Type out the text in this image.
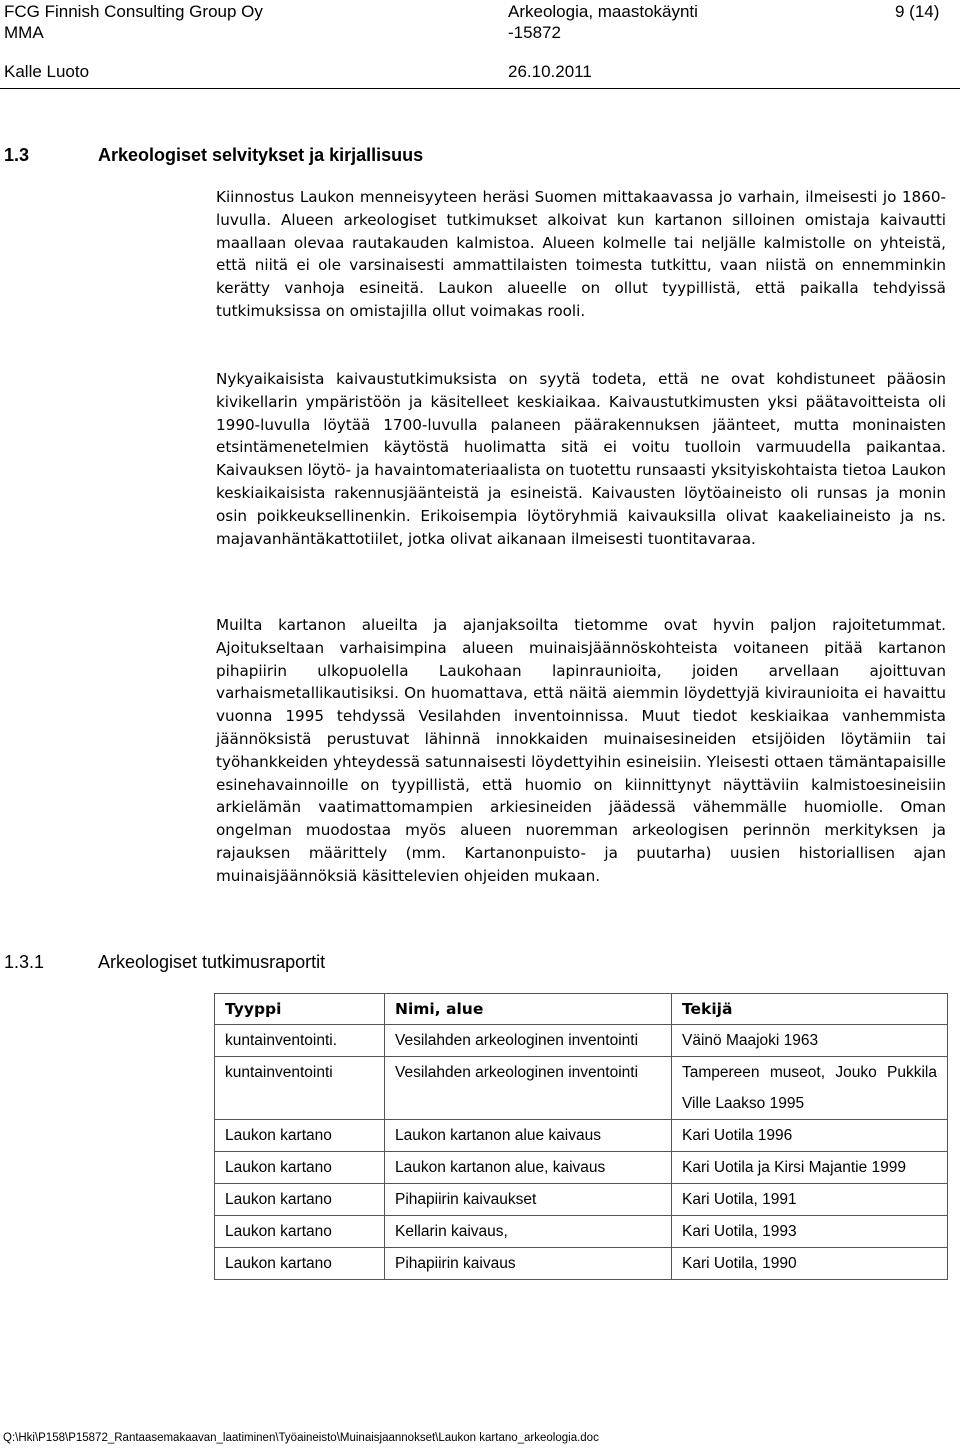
FCG Finnish Consulting Group Oy
MMA
Arkeologia, maastokäynti
-15872
9 (14)
Kalle Luoto	26.10.2011
1.3	Arkeologiset selvitykset ja kirjallisuus

Kiinnostus Laukon menneisyyteen heräsi Suomen mittakaavassa jo varhain, ilmeisesti jo 1860-luvulla. Alueen arkeologiset tutkimukset alkoivat kun kartanon silloinen omistaja kaivautti maallaan olevaa rautakauden kalmistoa. Alueen kolmelle tai neljälle kalmistolle on yhteistä, että niitä ei ole varsinaisesti ammattilaisten toimesta tutkittu, vaan niistä on ennemminkin kerätty vanhoja esineitä. Laukon alueelle on ollut tyypillistä, että paikalla tehdyissä tutkimuksissa on omistajilla ollut voimakas rooli.

Nykyaikaisista kaivaustutkimuksista on syytä todeta, että ne ovat kohdistuneet pääosin kivikellarin ympäristöön ja käsitelleet keskiaikaa. Kaivaustutkimusten yksi päätavoitteista oli 1990-luvulla löytää 1700-luvulla palaneen päärakennuksen jäänteet, mutta moninaisten etsintämenetelmien käytöstä huolimatta sitä ei voitu tuolloin varmuudella paikantaa. Kaivauksen löytö- ja havaintomateriaalista on tuotettu runsaasti yksityiskohtaista tietoa Laukon keskiaikaisista rakennusjäänteistä ja esineistä. Kaivausten löytöaineisto oli runsas ja monin osin poikkeuksellinenkin. Erikoisempia löytöryhmiä kaivauksilla olivat kaakeliaineisto ja ns. majavanhäntäkattotiilet, jotka olivat aikanaan ilmeisesti tuontitavaraa.

Muilta kartanon alueilta ja ajanjaksoilta tietomme ovat hyvin paljon rajoitetummat. Ajoitukseltaan varhaisimpina alueen muinaisjäännöskohteista voitaneen pitää kartanon pihapiirin ulkopuolella Laukohaan lapinraunioita, joiden arvellaan ajoittuvan varhaismetallikautisiksi. On huomattava, että näitä aiemmin löydettyjä kiviraunioita ei havaittu vuonna 1995 tehdyssä Vesilahden inventoinnissa. Muut tiedot keskiaikaa vanhemmista jäännöksistä perustuvat lähinnä innokkaiden muinaisesineiden etsijöiden löytämiin tai työhankkeiden yhteydessä satunnaisesti löydettyihin esineisiin. Yleisesti ottaen tämäntapaisille esinehavainnoille on tyypillistä, että huomio on kiinnittynyt näyttäviin kalmistoesineisiin arkielämän vaatimattomampien arkiesineiden jäädessä vähemmälle huomiolle. Oman ongelman muodostaa myös alueen nuoremman arkeologisen perinnön merkityksen ja rajauksen määrittely (mm. Kartanonpuisto- ja puutarha) uusien historiallisen ajan muinaisjäännöksiä käsittelevien ohjeiden mukaan.

1.3.1	Arkeologiset tutkimusraportit
Tyyppi	Nimi, alue	Tekijä
kuntainventointi.	Vesilahden arkeologinen inventointi	Väinö Maajoki 1963
kuntainventointi	Vesilahden arkeologinen inventointi	Tampereen museot, Jouko Pukkila Ville Laakso 1995
Laukon kartano	Laukon kartanon alue kaivaus	Kari Uotila 1996
Laukon kartano	Laukon kartanon alue, kaivaus	Kari Uotila ja Kirsi Majantie 1999
Laukon kartano	Pihapiirin kaivaukset	Kari Uotila, 1991
Laukon kartano	Kellarin kaivaus,	Kari Uotila, 1993
Laukon kartano	Pihapiirin kaivaus	Kari Uotila, 1990
Q:\Hki\P158\P15872_Rantaasemakaavan_laatiminen\Työaineisto\Muinaisjaannokset\Laukon kartano_arkeologia.doc
